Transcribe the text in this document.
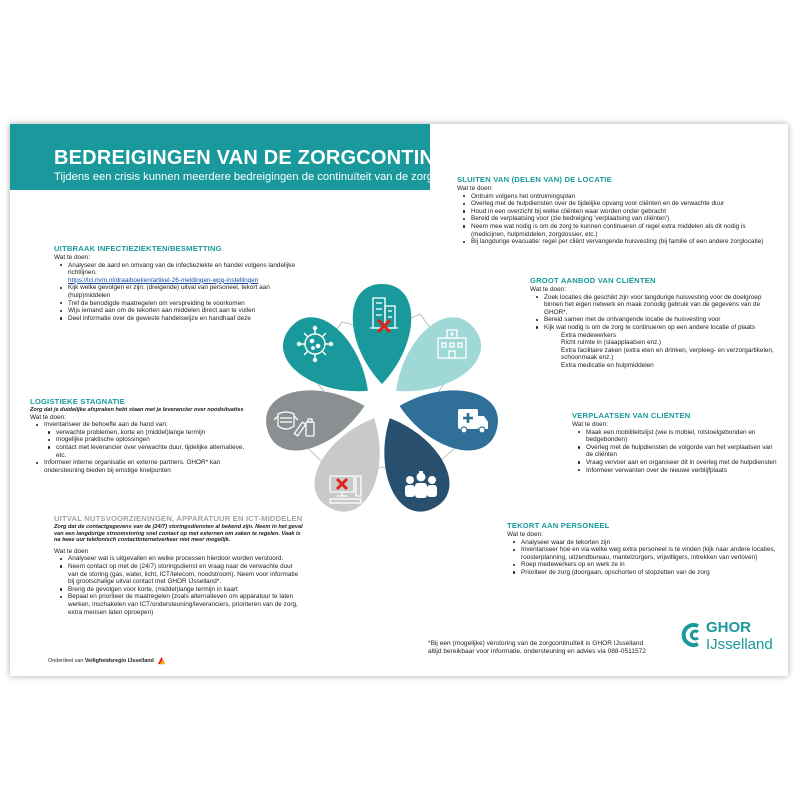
BEDREIGINGEN VAN DE ZORGCONTINUÏTEIT

Tijdens een crisis kunnen meerdere bedreigingen de continuïteit van de zorg verstoren

SLUITEN VAN (DELEN VAN) DE LOCATIE

Wat te doen:

Ontruim volgens het ontruimingsplan
Overleg met de hulpdiensten over de tijdelijke opvang voor cliënten en de verwachte duur
Houd in een overzicht bij welke cliënten waar worden onder gebracht
Bereid de verplaatsing voor (zie bedreiging 'verplaatsing van cliënten')
Neem mee wat nodig is om de zorg te kunnen continueren of regel extra middelen als dit nodig is (medicijnen, hulpmiddelen, zorgdossier, etc.)
Bij langdurige evacuatie: regel per cliënt vervangende huisvesting (bij familie of een andere zorglocatie)
GROOT AANBOD VAN CLIËNTEN

Wat te doen:

Zoek locaties die geschikt zijn voor langdurige huisvesting voor de doelgroep binnen het eigen netwerk en maak zonodig gebruik van de gegevens van de GHOR*.
Bereid samen met de ontvangende locatie de huisvesting voor
Kijk wat nodig is om de zorg te continueren op een andere locatie of plaats
Extra medewerkers
Richt ruimte in (slaapplaatsen enz.)
Extra facilitaire zaken (extra eten en drinken, verpleeg- en verzorgartikelen, schoonmaak enz.)
Extra medicatie en hulpmiddelen
VERPLAATSEN VAN CLIËNTEN

Wat te doen:

Maak een mobiliteitslijst (wie is mobiel, rolstoelgebonden en bedgebonden)
Overleg met de hulpdiensten de volgorde van het verplaatsen van de cliënten
Vraag vervoer aan en organiseer dit in overleg met de hulpdiensten
Informeer verwanten over de nieuwe verblijfplaats
TEKORT AAN PERSONEEL

Wat te doen:

Analyseer waar de tekorten zijn
Inventariseer hoe en via welke weg extra personeel is te vinden (kijk naar andere locaties, roosterplanning, uitzendbureau, mantelzorgers, vrijwilligers, intrekken van verloven)
Roep medewerkers op en werk ze in
Prioriteer de zorg (doorgaan, opschorten of stopzetten van de zorg
UITBRAAK INFECTIEZIEKTEN/BESMETTING

Wat te doen:

Analyseer de aard en omvang van de infectieziekte en handel volgens landelijke richtlijnen.
https://lci.rivm.nl/draaiboeken/artikel-26-meldingen-wpg-instellingen
Kijk welke gevolgen er zijn: (dreigende) uitval van personeel, tekort aan (hulp)middelen
Tref de benodigde maatregelen om verspreiding te voorkomen
Wijs iemand aan om de tekorten aan middelen direct aan te vullen
Deel informatie over de geweste handelswijze en handhaaf deze
LOGISTIEKE STAGNATIE

Zorg dat je duidelijke afspraken hebt staan met je leverancier over noodsituaties

Wat te doen:

Inventariseer de behoefte aan de hand van:
verwachte problemen, korte en (middel)lange termijn
mogelijke praktische oplossingen
contact met leverancier over verwachte duur, tijdelijke alternatieve, etc.
Informeer interne organisatie en externe partners. GHOR* kan ondersteuning bieden bij emstige knelpunten
UITVAL NUTSVOORZIENINGEN, APPARATUUR EN ICT-MIDDELEN

Zorg dat de contactgegevens van de (24/7) storingsdiensten al bekend zijn. Neem in het geval van een langdurige stroomstoring snel contact op met externen om zaken te regelen. Vaak is na twee uur telefonisch contactinternetverkeer niet meer mogelijk.

Wat te doen

Analyseer wat is uitgevallen en welke processen hierdoor worden verstoord.
Neem contact op met de (24/7) storingsdienst en vraag naar de verwachte duur van de storing (gas, water, licht, ICT/telecom, noodstroom). Neem voor informatie bij grootschalige uitval contact met GHOR IJsselland*.
Breng de gevolgen voor korte, (middel)lange termijn in kaart
Bepaal en prioriteer de maatregelen (zoals alternatieven om apparatuur te laten werken, inschakelen van ICT/ondersteuning/leveranciers, prioriteren van de zorg, extra mensen laten oproepen)
*Bij een (mogelijke) verstoring van de zorgcontinuïteit is GHOR IJsselland
altijd bereikbaar voor informatie, ondersteuning en advies via 088-0511572
Onderdeel van Veiligheidsregio IJsselland
GHOR
IJsselland
